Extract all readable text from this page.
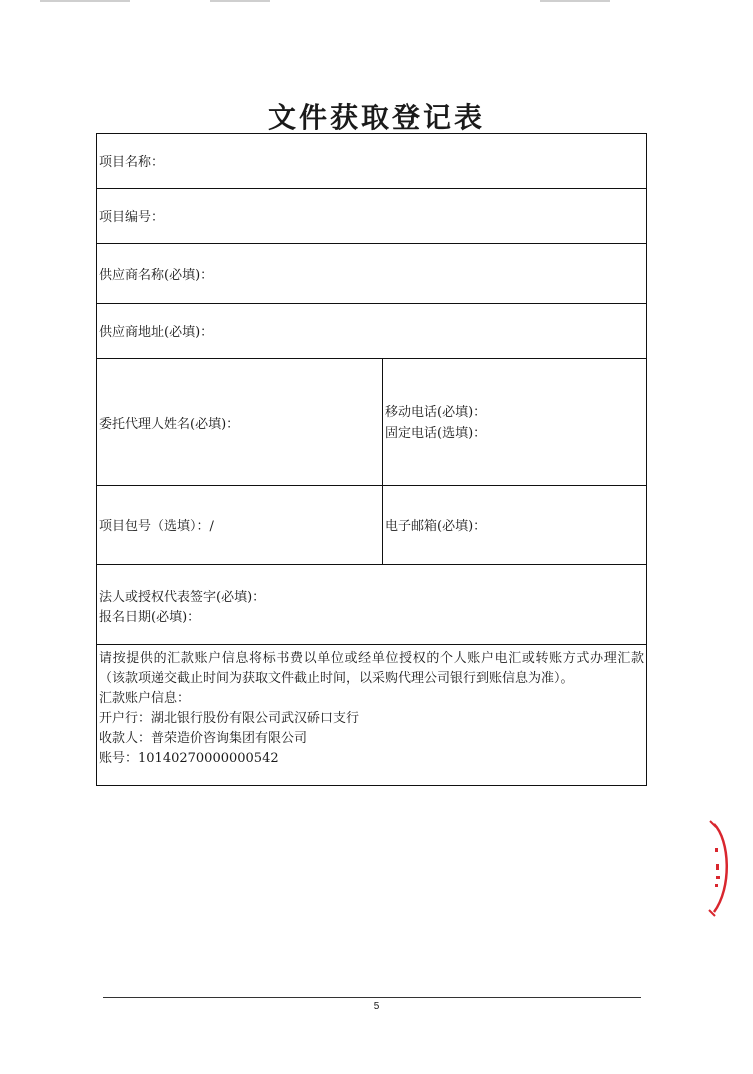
文件获取登记表
项目名称：
项目编号：
供应商名称(必填)：
供应商地址(必填)：
委托代理人姓名(必填)：
移动电话(必填)：
固定电话(选填)：
项目包号（选填）：/	电子邮箱(必填)：
法人或授权代表签字(必填)：
报名日期(必填)：
请按提供的汇款账户信息将标书费以单位或经单位授权的个人账户电汇或转账方式办理汇款（该款项递交截止时间为获取文件截止时间，以采购代理公司银行到账信息为准）。
汇款账户信息：
开户行：湖北银行股份有限公司武汉硚口支行
收款人：普荣造价咨询集团有限公司
账号：10140270000000542
5
